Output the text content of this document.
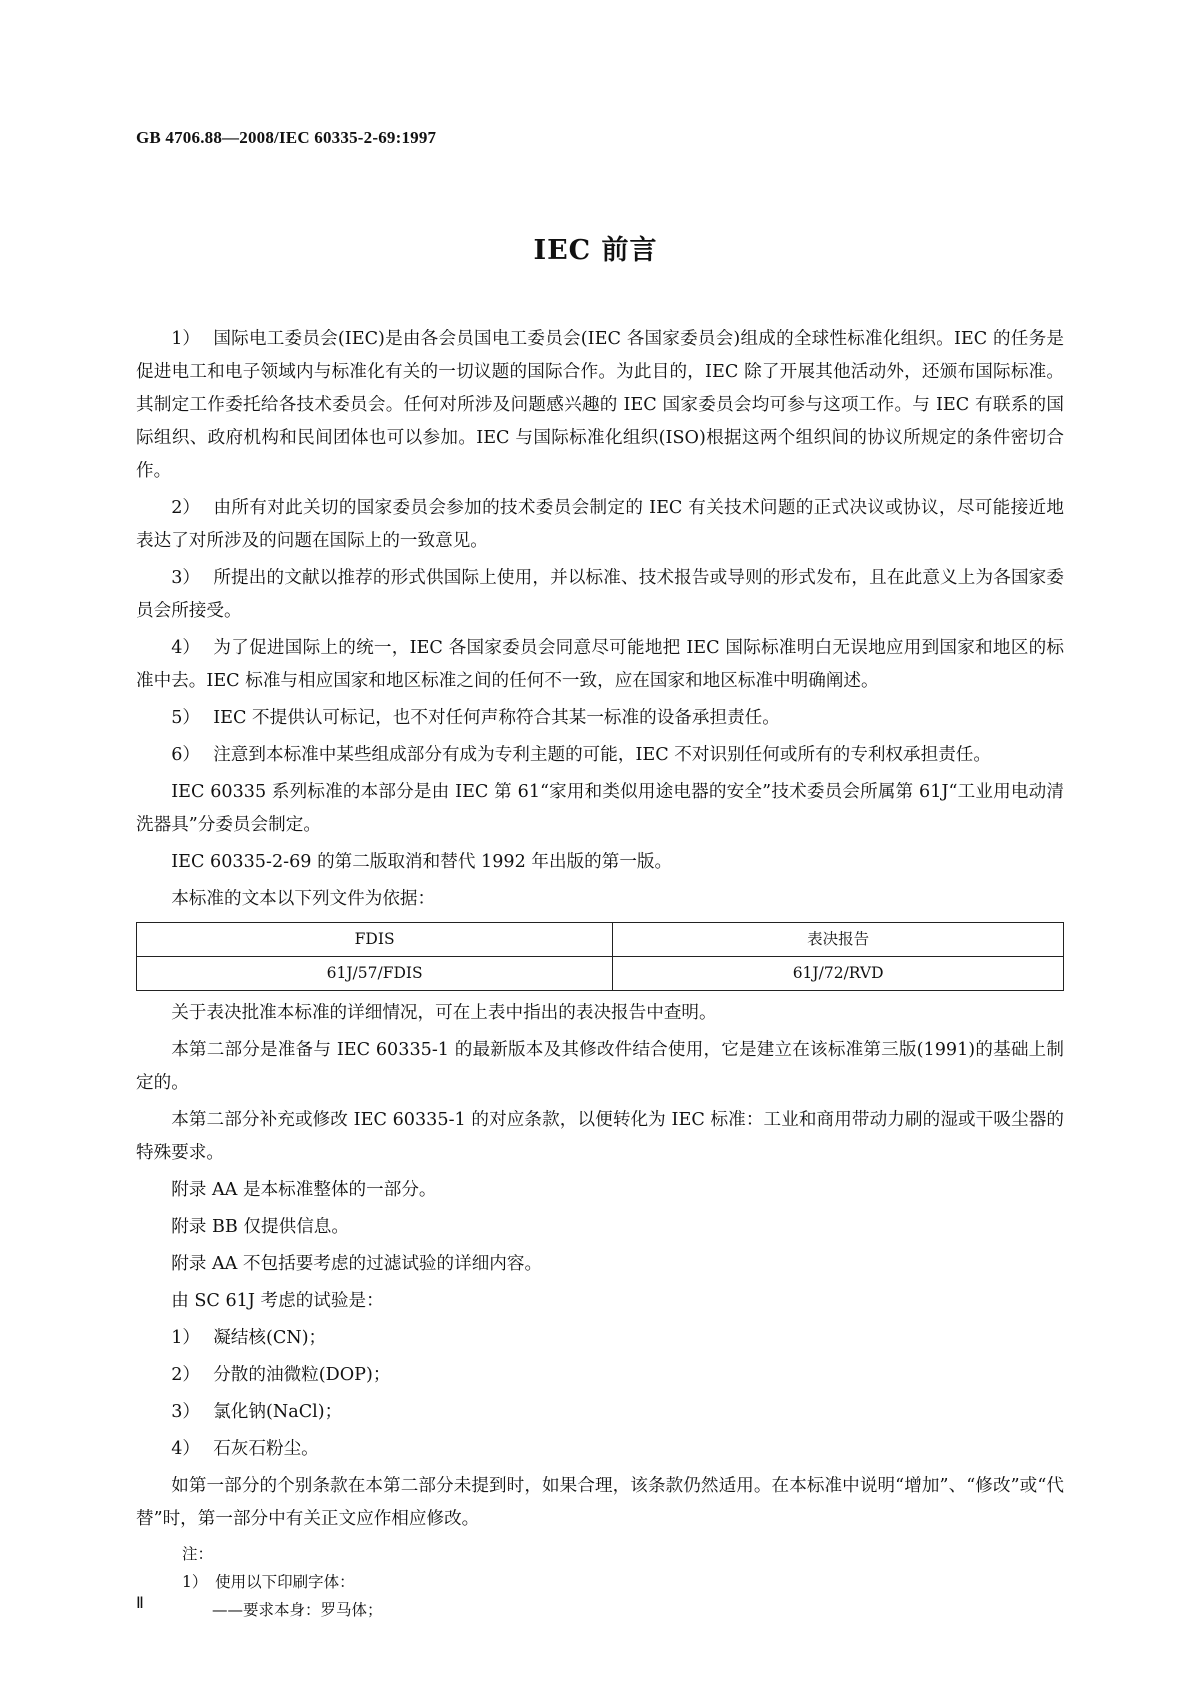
GB 4706.88—2008/IEC 60335-2-69:1997
IEC 前言

1） 国际电工委员会(IEC)是由各会员国电工委员会(IEC 各国家委员会)组成的全球性标准化组织。IEC 的任务是促进电工和电子领域内与标准化有关的一切议题的国际合作。为此目的，IEC 除了开展其他活动外，还颁布国际标准。其制定工作委托给各技术委员会。任何对所涉及问题感兴趣的 IEC 国家委员会均可参与这项工作。与 IEC 有联系的国际组织、政府机构和民间团体也可以参加。IEC 与国际标准化组织(ISO)根据这两个组织间的协议所规定的条件密切合作。

2） 由所有对此关切的国家委员会参加的技术委员会制定的 IEC 有关技术问题的正式决议或协议，尽可能接近地表达了对所涉及的问题在国际上的一致意见。

3） 所提出的文献以推荐的形式供国际上使用，并以标准、技术报告或导则的形式发布，且在此意义上为各国家委员会所接受。

4） 为了促进国际上的统一，IEC 各国家委员会同意尽可能地把 IEC 国际标准明白无误地应用到国家和地区的标准中去。IEC 标准与相应国家和地区标准之间的任何不一致，应在国家和地区标准中明确阐述。

5） IEC 不提供认可标记，也不对任何声称符合其某一标准的设备承担责任。

6） 注意到本标准中某些组成部分有成为专利主题的可能，IEC 不对识别任何或所有的专利权承担责任。

IEC 60335 系列标准的本部分是由 IEC 第 61“家用和类似用途电器的安全”技术委员会所属第 61J“工业用电动清洗器具”分委员会制定。

IEC 60335-2-69 的第二版取消和替代 1992 年出版的第一版。

本标准的文本以下列文件为依据：

FDIS	表决报告
61J/57/FDIS	61J/72/RVD

关于表决批准本标准的详细情况，可在上表中指出的表决报告中查明。

本第二部分是准备与 IEC 60335-1 的最新版本及其修改件结合使用，它是建立在该标准第三版(1991)的基础上制定的。

本第二部分补充或修改 IEC 60335-1 的对应条款，以便转化为 IEC 标准：工业和商用带动力刷的湿或干吸尘器的特殊要求。

附录 AA 是本标准整体的一部分。

附录 BB 仅提供信息。

附录 AA 不包括要考虑的过滤试验的详细内容。

由 SC 61J 考虑的试验是：

1） 凝结核(CN)；

2） 分散的油微粒(DOP)；

3） 氯化钠(NaCl)；

4） 石灰石粉尘。

如第一部分的个别条款在本第二部分未提到时，如果合理，该条款仍然适用。在本标准中说明“增加”、“修改”或“代替”时，第一部分中有关正文应作相应修改。

注：
1）　使用以下印刷字体：
——要求本身：罗马体；
Ⅱ
